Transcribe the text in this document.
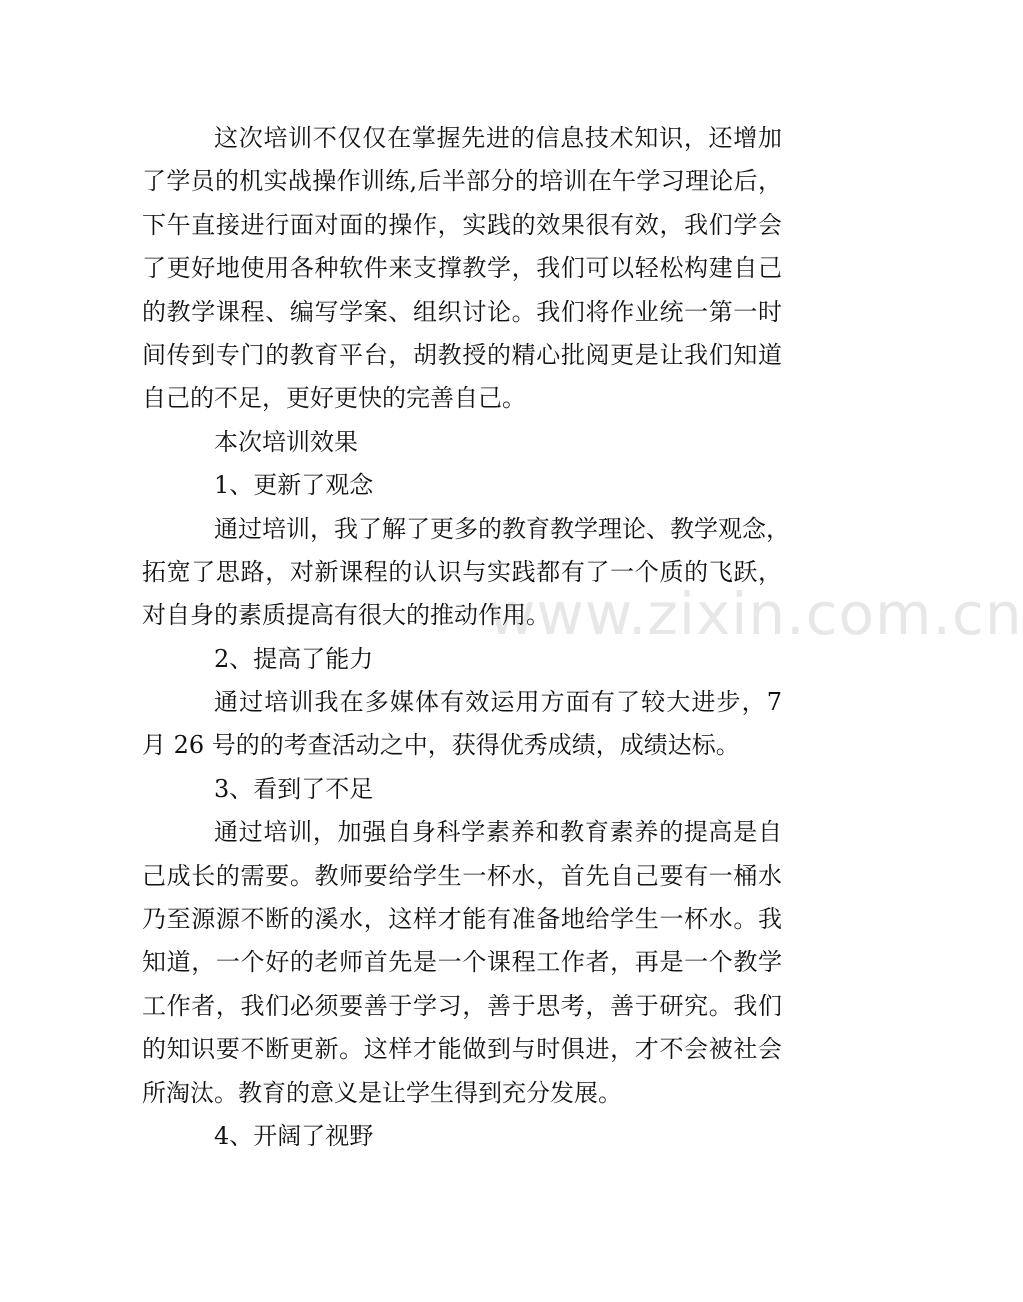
这次培训不仅仅在掌握先进的信息技术知识，还增加
了学员的机实战操作训练,后半部分的培训在午学习理论后，
下午直接进行面对面的操作，实践的效果很有效，我们学会
了更好地使用各种软件来支撑教学，我们可以轻松构建自己
的教学课程、编写学案、组织讨论。我们将作业统一第一时
间传到专门的教育平台，胡教授的精心批阅更是让我们知道
自己的不足，更好更快的完善自己。
本次培训效果
1、更新了观念
通过培训，我了解了更多的教育教学理论、教学观念，
拓宽了思路，对新课程的认识与实践都有了一个质的飞跃，
对自身的素质提高有很大的推动作用。
2、提高了能力
通过培训我在多媒体有效运用方面有了较大进步，7
月 26 号的的考查活动之中，获得优秀成绩，成绩达标。
3、看到了不足
通过培训，加强自身科学素养和教育素养的提高是自
己成长的需要。教师要给学生一杯水，首先自己要有一桶水
乃至源源不断的溪水，这样才能有准备地给学生一杯水。我
知道，一个好的老师首先是一个课程工作者，再是一个教学
工作者，我们必须要善于学习，善于思考，善于研究。我们
的知识要不断更新。这样才能做到与时俱进，才不会被社会
所淘汰。教育的意义是让学生得到充分发展。
4、开阔了视野
www.zixin.com.cn
